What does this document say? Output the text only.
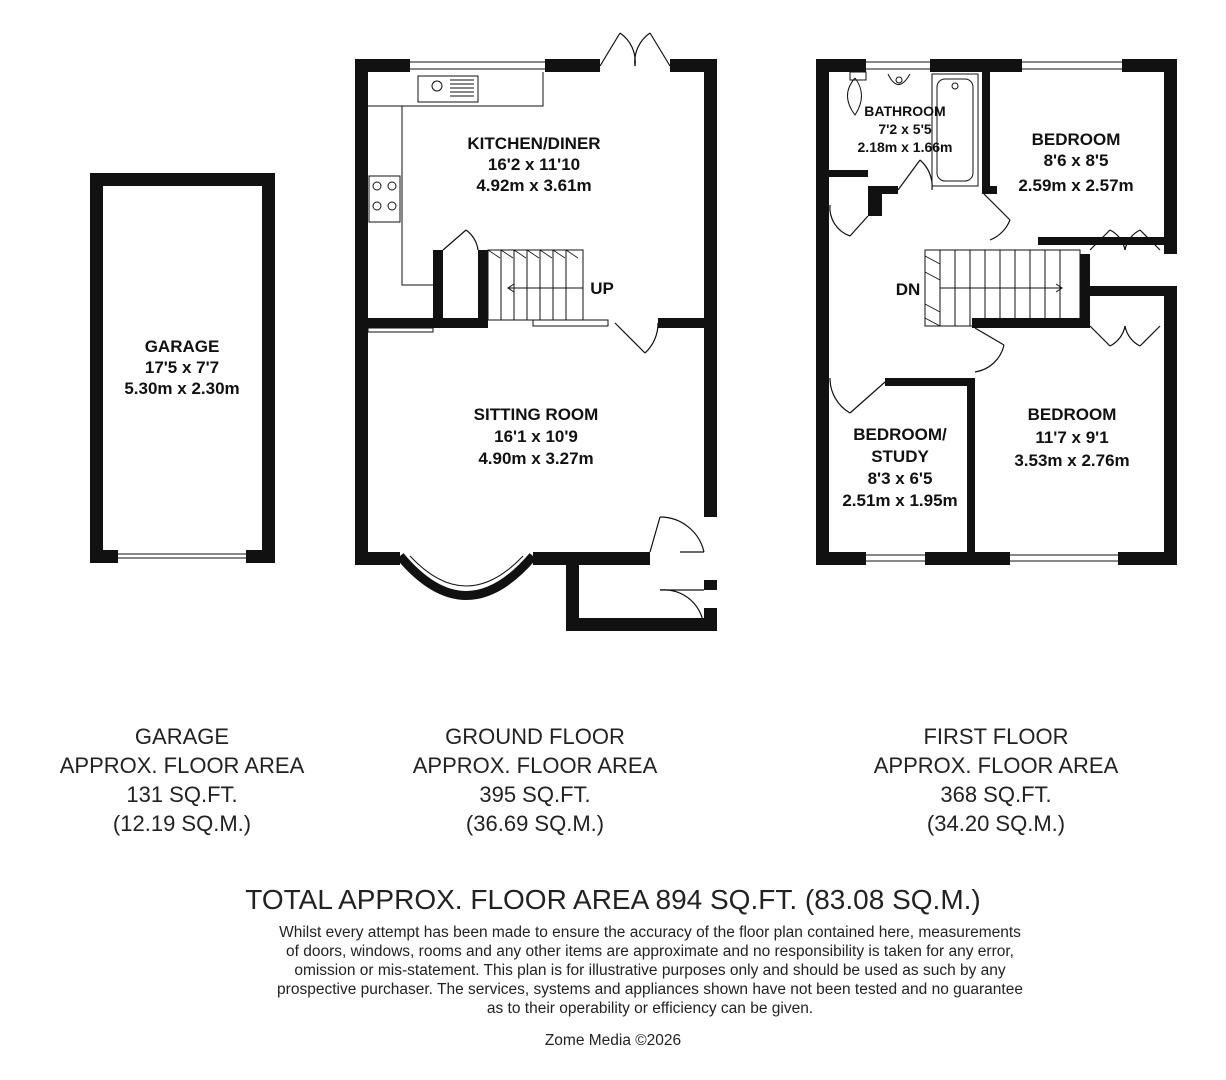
GARAGE
17'5 x 7'7
5.30m x 2.30m
KITCHEN/DINER
16'2 x 11'10
4.92m x 3.61m
UP
SITTING ROOM
16'1 x 10'9
4.90m x 3.27m
BATHROOM
7'2 x 5'5
2.18m x 1.66m	BEDROOM
8'6 x 8'5
2.59m x 2.57m
DN
BEDROOM/
STUDY
8'3 x 6'5
2.51m x 1.95m
BEDROOM
11'7 x 9'1
3.53m x 2.76m
GARAGE
APPROX. FLOOR AREA
131 SQ.FT.
(12.19 SQ.M.)
GROUND FLOOR
APPROX. FLOOR AREA
395 SQ.FT.
(36.69 SQ.M.)
FIRST FLOOR
APPROX. FLOOR AREA
368 SQ.FT.
(34.20 SQ.M.)
TOTAL APPROX. FLOOR AREA 894 SQ.FT. (83.08 SQ.M.)
Whilst every attempt has been made to ensure the accuracy of the floor plan contained here, measurements
of doors, windows, rooms and any other items are approximate and no responsibility is taken for any error,
omission or mis-statement. This plan is for illustrative purposes only and should be used as such by any
prospective purchaser. The services, systems and appliances shown have not been tested and no guarantee
as to their operability or efficiency can be given.
Zome Media ©2026
